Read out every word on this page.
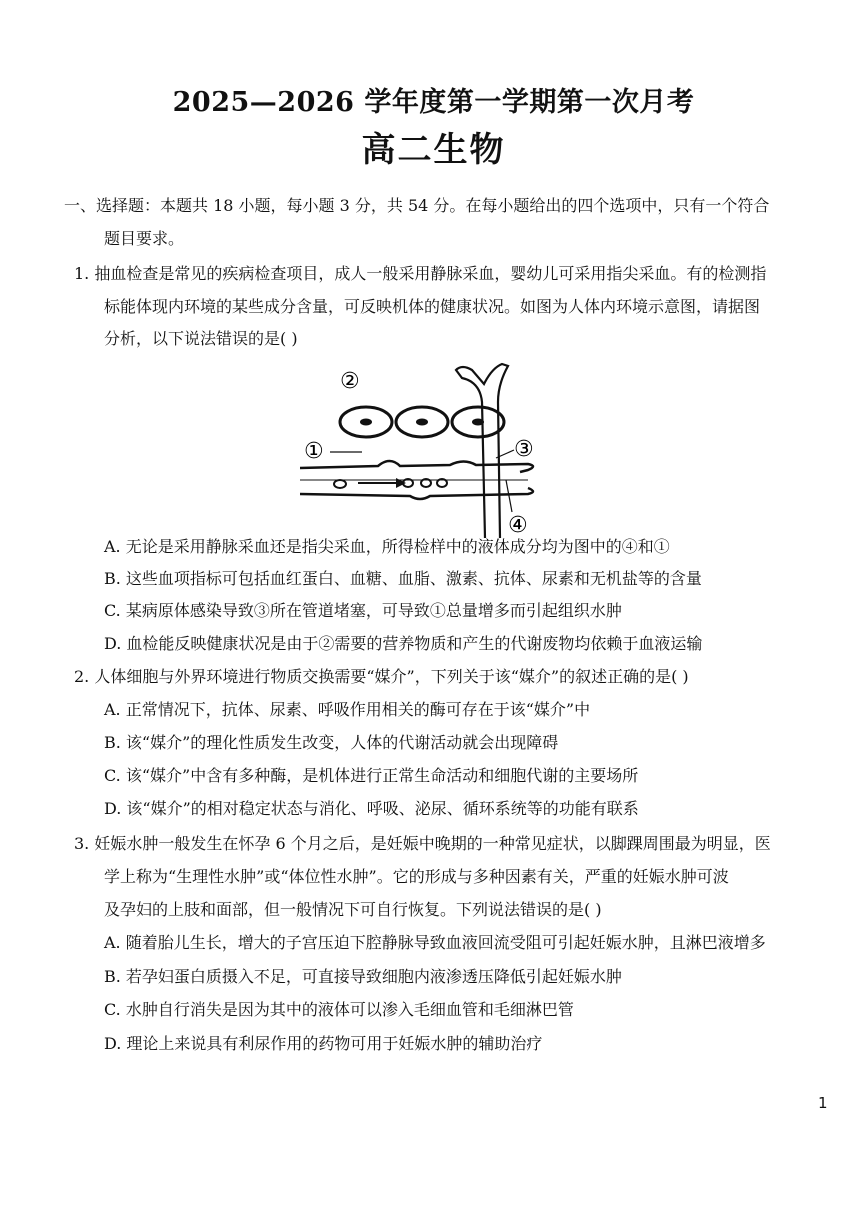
2025—2026 学年度第一学期第一次月考
高二生物
一、选择题：本题共 18 小题，每小题 3 分，共 54 分。在每小题给出的四个选项中，只有一个符合
题目要求。
1. 抽血检查是常见的疾病检查项目，成人一般采用静脉采血，婴幼儿可采用指尖采血。有的检测指
标能体现内环境的某些成分含量，可反映机体的健康状况。如图为人体内环境示意图，请据图
分析，以下说法错误的是( )
②
①	③
④
A. 无论是采用静脉采血还是指尖采血，所得检样中的液体成分均为图中的④和①
B. 这些血项指标可包括血红蛋白、血糖、血脂、激素、抗体、尿素和无机盐等的含量
C. 某病原体感染导致③所在管道堵塞，可导致①总量增多而引起组织水肿
D. 血检能反映健康状况是由于②需要的营养物质和产生的代谢废物均依赖于血液运输
2. 人体细胞与外界环境进行物质交换需要“媒介”，下列关于该“媒介”的叙述正确的是( )
A. 正常情况下，抗体、尿素、呼吸作用相关的酶可存在于该“媒介”中
B. 该“媒介”的理化性质发生改变，人体的代谢活动就会出现障碍
C. 该“媒介”中含有多种酶，是机体进行正常生命活动和细胞代谢的主要场所
D. 该“媒介”的相对稳定状态与消化、呼吸、泌尿、循环系统等的功能有联系
3. 妊娠水肿一般发生在怀孕 6 个月之后，是妊娠中晚期的一种常见症状，以脚踝周围最为明显，医
学上称为“生理性水肿”或“体位性水肿”。它的形成与多种因素有关，严重的妊娠水肿可波
及孕妇的上肢和面部，但一般情况下可自行恢复。下列说法错误的是( )
A. 随着胎儿生长，增大的子宫压迫下腔静脉导致血液回流受阻可引起妊娠水肿，且淋巴液增多
B. 若孕妇蛋白质摄入不足，可直接导致细胞内液渗透压降低引起妊娠水肿
C. 水肿自行消失是因为其中的液体可以渗入毛细血管和毛细淋巴管
D. 理论上来说具有利尿作用的药物可用于妊娠水肿的辅助治疗
1
